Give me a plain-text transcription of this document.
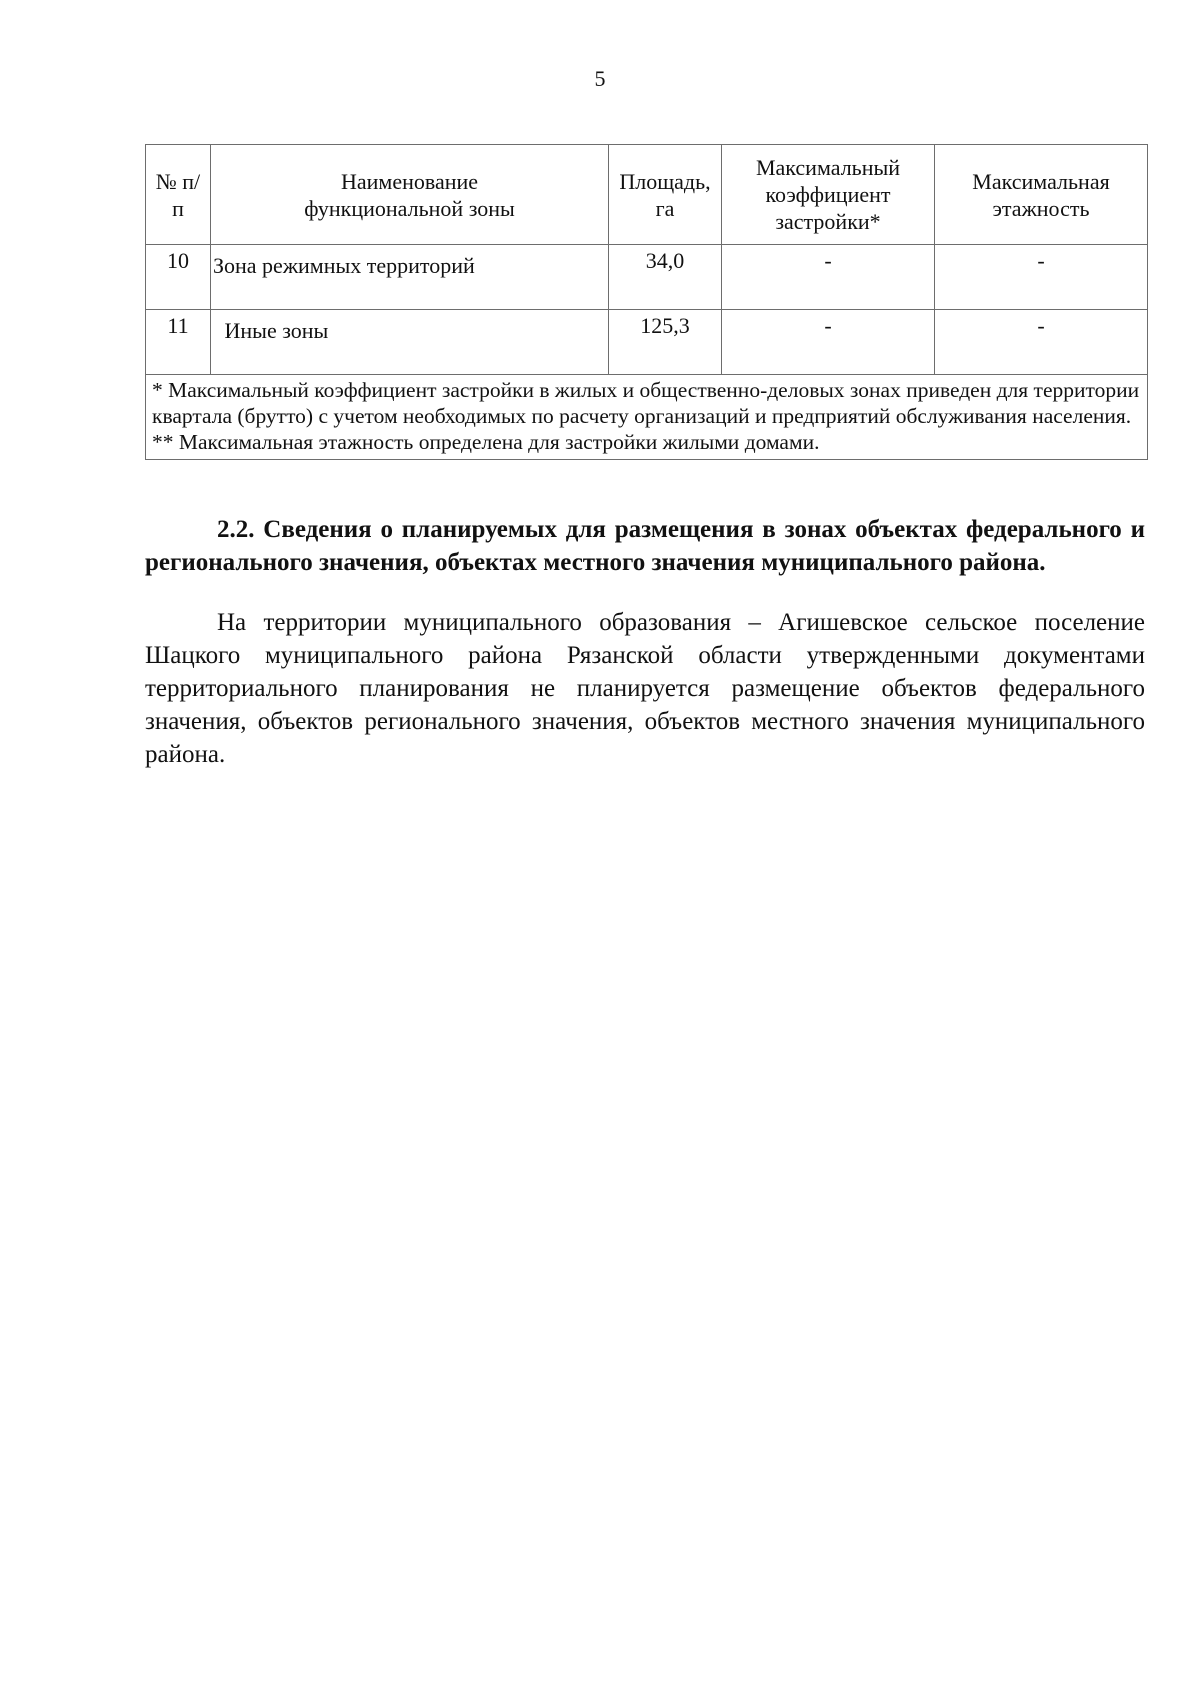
5
№ п/п	Наименование функциональной зоны	Площадь, га	Максимальный коэффициент застройки*	Максимальная этажность
10	Зона режимных территорий	34,0	-	-
11	Иные зоны	125,3	-	-

* Максимальный коэффициент застройки в жилых и общественно-деловых зонах приведен для территории квартала (брутто) с учетом необходимых по расчету организаций и предприятий обслуживания населения.
** Максимальная этажность определена для застройки жилыми домами.				

2.2. Сведения о планируемых для размещения в зонах объектах федерального и регионального значения, объектах местного значения муниципального района.

На территории муниципального образования – Агишевское сельское поселение Шацкого муниципального района Рязанской области утвержденными документами территориального планирования не планируется размещение объектов федерального значения, объектов регионального значения, объектов местного значения муниципального района.
